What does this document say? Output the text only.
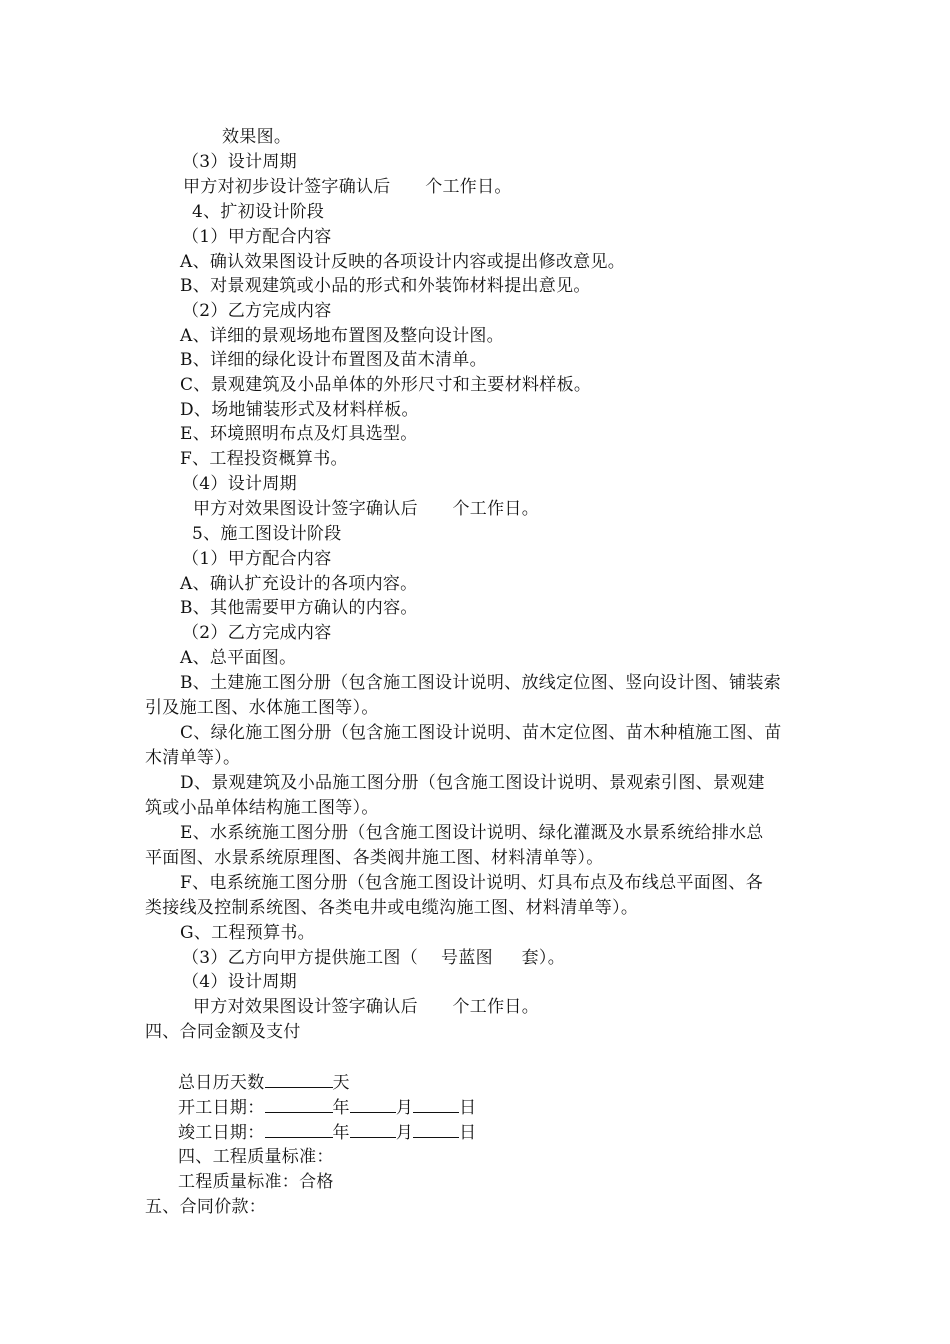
效果图。
（3）设计周期
甲方对初步设计签字确认后　　个工作日。
4、扩初设计阶段
（1）甲方配合内容
A、确认效果图设计反映的各项设计内容或提出修改意见。
B、对景观建筑或小品的形式和外装饰材料提出意见。
（2）乙方完成内容
A、详细的景观场地布置图及整向设计图。
B、详细的绿化设计布置图及苗木清单。
C、景观建筑及小品单体的外形尺寸和主要材料样板。
D、场地铺装形式及材料样板。
E、环境照明布点及灯具选型。
F、工程投资概算书。
（4）设计周期
甲方对效果图设计签字确认后　　个工作日。
5、施工图设计阶段
（1）甲方配合内容
A、确认扩充设计的各项内容。
B、其他需要甲方确认的内容。
（2）乙方完成内容
A、总平面图。
B、土建施工图分册（包含施工图设计说明、放线定位图、竖向设计图、铺装索
引及施工图、水体施工图等）。
C、绿化施工图分册（包含施工图设计说明、苗木定位图、苗木种植施工图、苗
木清单等）。
D、景观建筑及小品施工图分册（包含施工图设计说明、景观索引图、景观建
筑或小品单体结构施工图等）。
E、水系统施工图分册（包含施工图设计说明、绿化灌溉及水景系统给排水总
平面图、水景系统原理图、各类阀井施工图、材料清单等）。
F、电系统施工图分册（包含施工图设计说明、灯具布点及布线总平面图、各
类接线及控制系统图、各类电井或电缆沟施工图、材料清单等）。
G、工程预算书。
（3）乙方向甲方提供施工图（　 号蓝图　  套）。
（4）设计周期
甲方对效果图设计签字确认后　　个工作日。
四、合同金额及支付
总日历天数	天
开工日期：	年	月	日
竣工日期：	年	月	日
四、工程质量标准：
工程质量标准：合格
五、合同价款：
